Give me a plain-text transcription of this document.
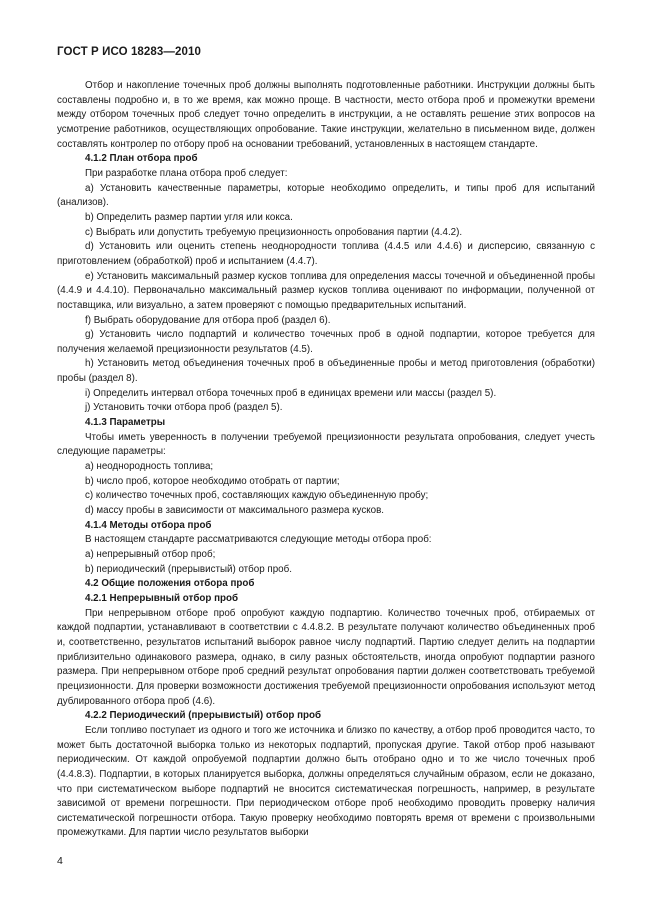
ГОСТ Р ИСО 18283—2010

Отбор и накопление точечных проб должны выполнять подготовленные работники. Инструкции должны быть составлены подробно и, в то же время, как можно проще. В частности, место отбора проб и промежутки времени между отбором точечных проб следует точно определить в инструкции, а не оставлять решение этих вопросов на усмотрение работников, осуществляющих опробование. Такие инструкции, желательно в письменном виде, должен составлять контролер по отбору проб на основании требований, установленных в настоящем стандарте.

4.1.2 План отбора проб

При разработке плана отбора проб следует:

a) Установить качественные параметры, которые необходимо определить, и типы проб для испытаний (анализов).

b) Определить размер партии угля или кокса.

c) Выбрать или допустить требуемую прецизионность опробования партии (4.4.2).

d) Установить или оценить степень неоднородности топлива (4.4.5 или 4.4.6) и дисперсию, связанную с приготовлением (обработкой) проб и испытанием (4.4.7).

e) Установить максимальный размер кусков топлива для определения массы точечной и объединенной пробы (4.4.9 и 4.4.10). Первоначально максимальный размер кусков топлива оценивают по информации, полученной от поставщика, или визуально, а затем проверяют с помощью предварительных испытаний.

f) Выбрать оборудование для отбора проб (раздел 6).

g) Установить число подпартий и количество точечных проб в одной подпартии, которое требуется для получения желаемой прецизионности результатов (4.5).

h) Установить метод объединения точечных проб в объединенные пробы и метод приготовления (обработки) пробы (раздел 8).

i) Определить интервал отбора точечных проб в единицах времени или массы (раздел 5).

j) Установить точки отбора проб (раздел 5).

4.1.3 Параметры

Чтобы иметь уверенность в получении требуемой прецизионности результата опробования, следует учесть следующие параметры:

a) неоднородность топлива;

b) число проб, которое необходимо отобрать от партии;

c) количество точечных проб, составляющих каждую объединенную пробу;

d) массу пробы в зависимости от максимального размера кусков.

4.1.4 Методы отбора проб

В настоящем стандарте рассматриваются следующие методы отбора проб:

a) непрерывный отбор проб;

b) периодический (прерывистый) отбор проб.

4.2 Общие положения отбора проб

4.2.1 Непрерывный отбор проб

При непрерывном отборе проб опробуют каждую подпартию. Количество точечных проб, отбираемых от каждой подпартии, устанавливают в соответствии с 4.4.8.2. В результате получают количество объединенных проб и, соответственно, результатов испытаний выборок равное числу подпартий. Партию следует делить на подпартии приблизительно одинакового размера, однако, в силу разных обстоятельств, иногда опробуют подпартии разного размера. При непрерывном отборе проб средний результат опробования партии должен соответствовать требуемой прецизионности. Для проверки возможности достижения требуемой прецизионности опробования используют метод дублированного отбора проб (4.6).

4.2.2 Периодический (прерывистый) отбор проб

Если топливо поступает из одного и того же источника и близко по качеству, а отбор проб проводится часто, то может быть достаточной выборка только из некоторых подпартий, пропуская другие. Такой отбор проб называют периодическим. От каждой опробуемой подпартии должно быть отобрано одно и то же число точечных проб (4.4.8.3). Подпартии, в которых планируется выборка, должны определяться случайным образом, если не доказано, что при систематическом выборе подпартий не вносится систематическая погрешность, например, в результате зависимой от времени погрешности. При периодическом отборе проб необходимо проводить проверку наличия систематической погрешности отбора. Такую проверку необходимо повторять время от времени с произвольными промежутками. Для партии число результатов выборки

4
